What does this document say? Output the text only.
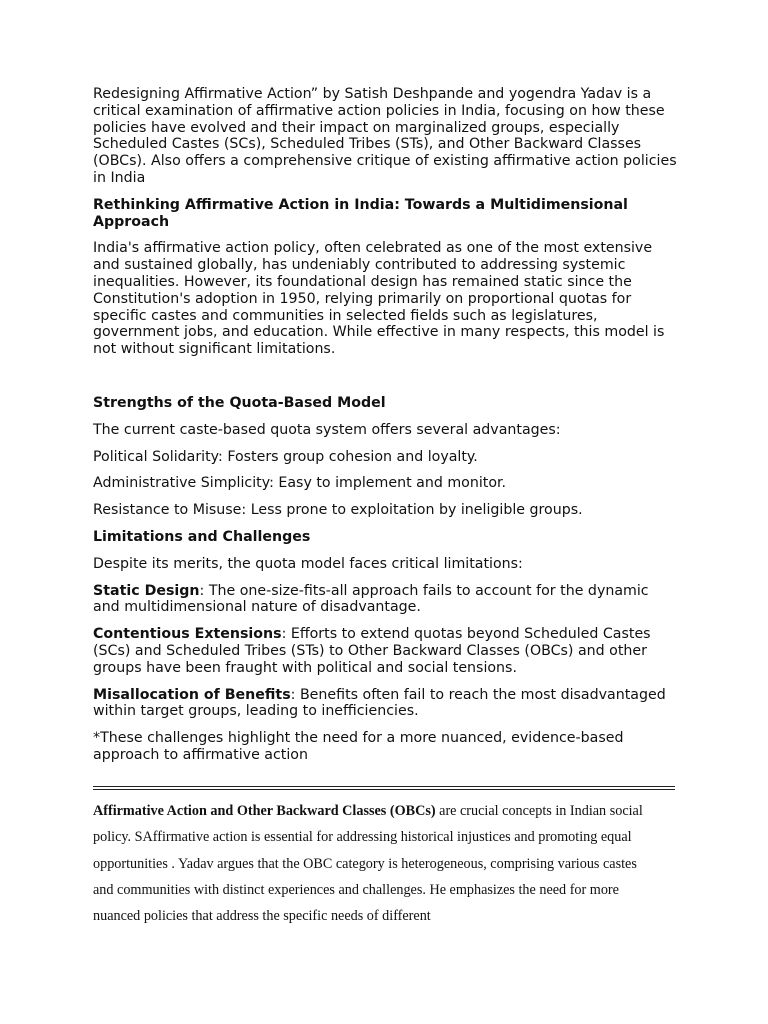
Redesigning Affirmative Action” by Satish Deshpande and yogendra Yadav is a critical examination of affirmative action policies in India, focusing on how these policies have evolved and their impact on marginalized groups, especially Scheduled Castes (SCs), Scheduled Tribes (STs), and Other Backward Classes (OBCs). Also offers a comprehensive critique of existing affirmative action policies in India

Rethinking Affirmative Action in India: Towards a Multidimensional Approach

India's affirmative action policy, often celebrated as one of the most extensive and sustained globally, has undeniably contributed to addressing systemic inequalities. However, its foundational design has remained static since the Constitution's adoption in 1950, relying primarily on proportional quotas for specific castes and communities in selected fields such as legislatures, government jobs, and education. While effective in many respects, this model is not without significant limitations.

Strengths of the Quota-Based Model

The current caste-based quota system offers several advantages:

Political Solidarity: Fosters group cohesion and loyalty.

Administrative Simplicity: Easy to implement and monitor.

Resistance to Misuse: Less prone to exploitation by ineligible groups.

Limitations and Challenges

Despite its merits, the quota model faces critical limitations:

Static Design: The one-size-fits-all approach fails to account for the dynamic and multidimensional nature of disadvantage.

Contentious Extensions: Efforts to extend quotas beyond Scheduled Castes (SCs) and Scheduled Tribes (STs) to Other Backward Classes (OBCs) and other groups have been fraught with political and social tensions.

Misallocation of Benefits: Benefits often fail to reach the most disadvantaged within target groups, leading to inefficiencies.

*These challenges highlight the need for a more nuanced, evidence-based approach to affirmative action

Affirmative Action and Other Backward Classes (OBCs) are crucial concepts in Indian social policy. SAffirmative action is essential for addressing historical injustices and promoting equal opportunities . Yadav argues that the OBC category is heterogeneous, comprising various castes and communities with distinct experiences and challenges. He emphasizes the need for more nuanced policies that address the specific needs of different
